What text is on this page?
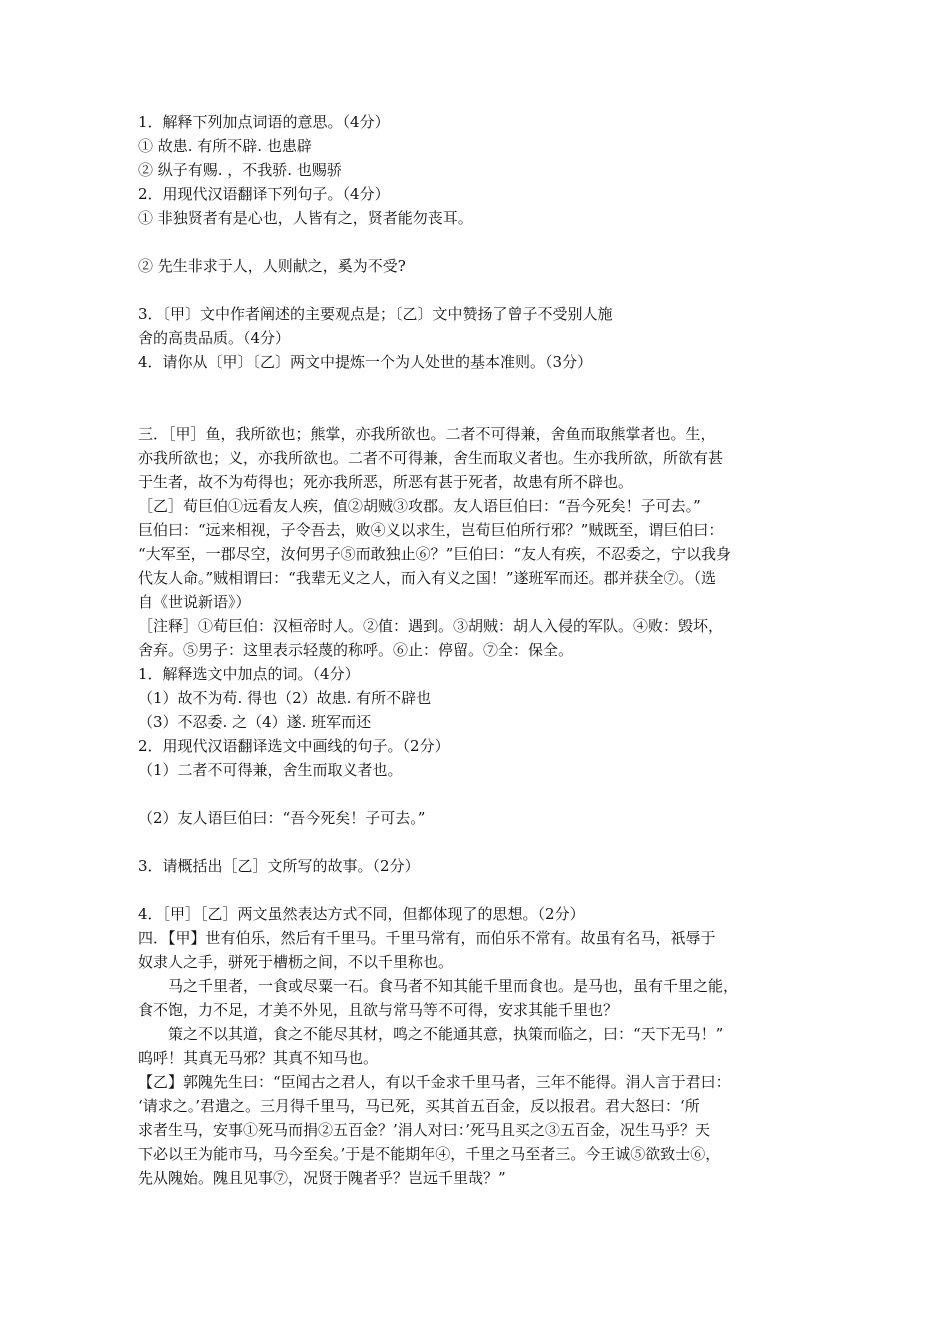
1．解释下列加点词语的意思。（4分）
① 故患. 有所不辟. 也患辟
② 纵子有赐. ，不我骄. 也赐骄
2．用现代汉语翻译下列句子。（4分）
① 非独贤者有是心也，人皆有之，贤者能勿丧耳。
② 先生非求于人，人则献之，奚为不受?
3．〔甲〕文中作者阐述的主要观点是；〔乙〕文中赞扬了曾子不受别人施
舍的高贵品质。（4分）
4．请你从〔甲〕〔乙〕两文中提炼一个为人处世的基本准则。（3分）
三．［甲］鱼，我所欲也；熊掌，亦我所欲也。二者不可得兼，舍鱼而取熊掌者也。生，
亦我所欲也；义，亦我所欲也。二者不可得兼，舍生而取义者也。生亦我所欲，所欲有甚
于生者，故不为苟得也；死亦我所恶，所恶有甚于死者，故患有所不辟也。
［乙］荀巨伯①远看友人疾，值②胡贼③攻郡。友人语巨伯曰：“吾今死矣！子可去。”
巨伯曰：“远来相视，子令吾去，败④义以求生，岂荀巨伯所行邪？”贼既至，谓巨伯曰：
“大军至，一郡尽空，汝何男子⑤而敢独止⑥？”巨伯曰：“友人有疾，不忍委之，宁以我身
代友人命。”贼相谓曰：“我辈无义之人，而入有义之国！”遂班军而还。郡并获全⑦。（选
自《世说新语》）
［注释］①荀巨伯：汉桓帝时人。②值：遇到。③胡贼：胡人入侵的军队。④败：毁坏，
舍弃。⑤男子：这里表示轻蔑的称呼。⑥止：停留。⑦全：保全。
1．解释选文中加点的词。（4分）
（1）故不为苟. 得也（2）故患. 有所不辟也
（3）不忍委. 之（4）遂. 班军而还
2．用现代汉语翻译选文中画线的句子。（2分）
（1）二者不可得兼，舍生而取义者也。
（2）友人语巨伯曰：“吾今死矣！子可去。”
3．请概括出［乙］文所写的故事。（2分）
4．［甲］［乙］两文虽然表达方式不同，但都体现了的思想。（2分）
四．【甲】世有伯乐，然后有千里马。千里马常有，而伯乐不常有。故虽有名马，祇辱于
奴隶人之手，骈死于槽枥之间，不以千里称也。
马之千里者，一食或尽粟一石。食马者不知其能千里而食也。是马也，虽有千里之能，
食不饱，力不足，才美不外见，且欲与常马等不可得，安求其能千里也？
策之不以其道，食之不能尽其材，鸣之不能通其意，执策而临之，曰：“天下无马！”
呜呼！其真无马邪？其真不知马也。
【乙】郭隗先生曰：“臣闻古之君人，有以千金求千里马者，三年不能得。涓人言于君曰：
‘请求之。’君遣之。三月得千里马，马已死，买其首五百金，反以报君。君大怒曰：‘所
求者生马，安事①死马而捐②五百金？’涓人对曰：’死马且买之③五百金，况生马乎？天
下必以王为能市马，马今至矣。’于是不能期年④，千里之马至者三。今王诚⑤欲致士⑥，
先从隗始。隗且见事⑦，况贤于隗者乎？岂远千里哉？”
